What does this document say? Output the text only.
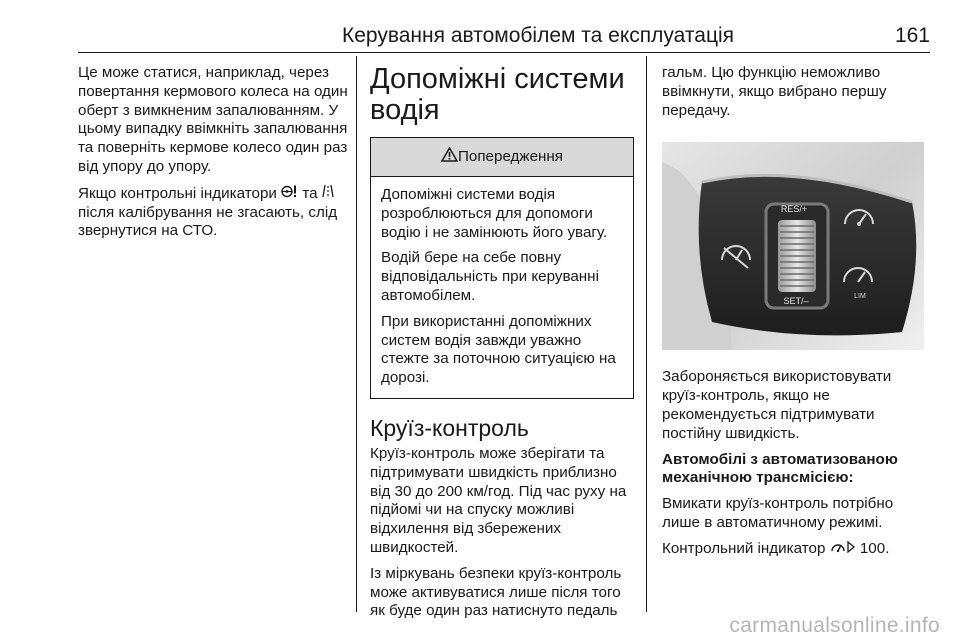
Керування автомобілем та експлуатація	161

Це може статися, наприклад, через повертання кермового колеса на один оберт з вимкненим запалюванням. У цьому випадку ввімкніть запалювання та поверніть кермове колесо один раз від упору до упору.

Якщо контрольні індикатори  та  після калібрування не згасають, слід звернутися на СТО.

Допоміжні системи водія
Попередження

Допоміжні системи водія розроблюються для допомоги водію і не замінюють його увагу.

Водій бере на себе повну відповідальність при керуванні автомобілем.

При використанні допоміжних систем водія завжди уважно стежте за поточною ситуацією на дорозі.

Круїз-контроль

Круїз-контроль може зберігати та підтримувати швидкість приблизно від 30 до 200 км/год. Під час руху на підйомі чи на спуску можливі відхилення від збережених швидкостей.

Із міркувань безпеки круїз-контроль може активуватися лише після того як буде один раз натиснуто педаль

гальм. Цю функцію неможливо ввімкнути, якщо вибрано першу передачу.

RES/+
SET/–	LIM

Забороняється використовувати круїз-контроль, якщо не рекомендується підтримувати постійну швидкість.

Автомобілі з автоматизованою механічною трансмісією:

Вмикати круїз-контроль потрібно лише в автоматичному режимі.

Контрольний індикатор  100.

carmanualsonline.info
